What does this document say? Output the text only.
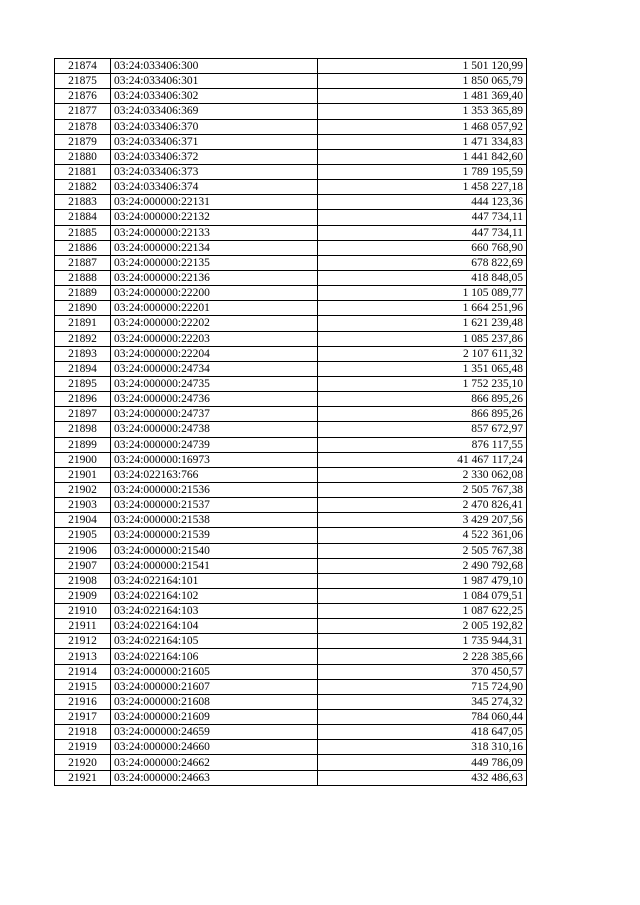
21874	03:24:033406:300	1 501 120,99
21875	03:24:033406:301	1 850 065,79
21876	03:24:033406:302	1 481 369,40
21877	03:24:033406:369	1 353 365,89
21878	03:24:033406:370	1 468 057,92
21879	03:24:033406:371	1 471 334,83
21880	03:24:033406:372	1 441 842,60
21881	03:24:033406:373	1 789 195,59
21882	03:24:033406:374	1 458 227,18
21883	03:24:000000:22131	444 123,36
21884	03:24:000000:22132	447 734,11
21885	03:24:000000:22133	447 734,11
21886	03:24:000000:22134	660 768,90
21887	03:24:000000:22135	678 822,69
21888	03:24:000000:22136	418 848,05
21889	03:24:000000:22200	1 105 089,77
21890	03:24:000000:22201	1 664 251,96
21891	03:24:000000:22202	1 621 239,48
21892	03:24:000000:22203	1 085 237,86
21893	03:24:000000:22204	2 107 611,32
21894	03:24:000000:24734	1 351 065,48
21895	03:24:000000:24735	1 752 235,10
21896	03:24:000000:24736	866 895,26
21897	03:24:000000:24737	866 895,26
21898	03:24:000000:24738	857 672,97
21899	03:24:000000:24739	876 117,55
21900	03:24:000000:16973	41 467 117,24
21901	03:24:022163:766	2 330 062,08
21902	03:24:000000:21536	2 505 767,38
21903	03:24:000000:21537	2 470 826,41
21904	03:24:000000:21538	3 429 207,56
21905	03:24:000000:21539	4 522 361,06
21906	03:24:000000:21540	2 505 767,38
21907	03:24:000000:21541	2 490 792,68
21908	03:24:022164:101	1 987 479,10
21909	03:24:022164:102	1 084 079,51
21910	03:24:022164:103	1 087 622,25
21911	03:24:022164:104	2 005 192,82
21912	03:24:022164:105	1 735 944,31
21913	03:24:022164:106	2 228 385,66
21914	03:24:000000:21605	370 450,57
21915	03:24:000000:21607	715 724,90
21916	03:24:000000:21608	345 274,32
21917	03:24:000000:21609	784 060,44
21918	03:24:000000:24659	418 647,05
21919	03:24:000000:24660	318 310,16
21920	03:24:000000:24662	449 786,09
21921	03:24:000000:24663	432 486,63
